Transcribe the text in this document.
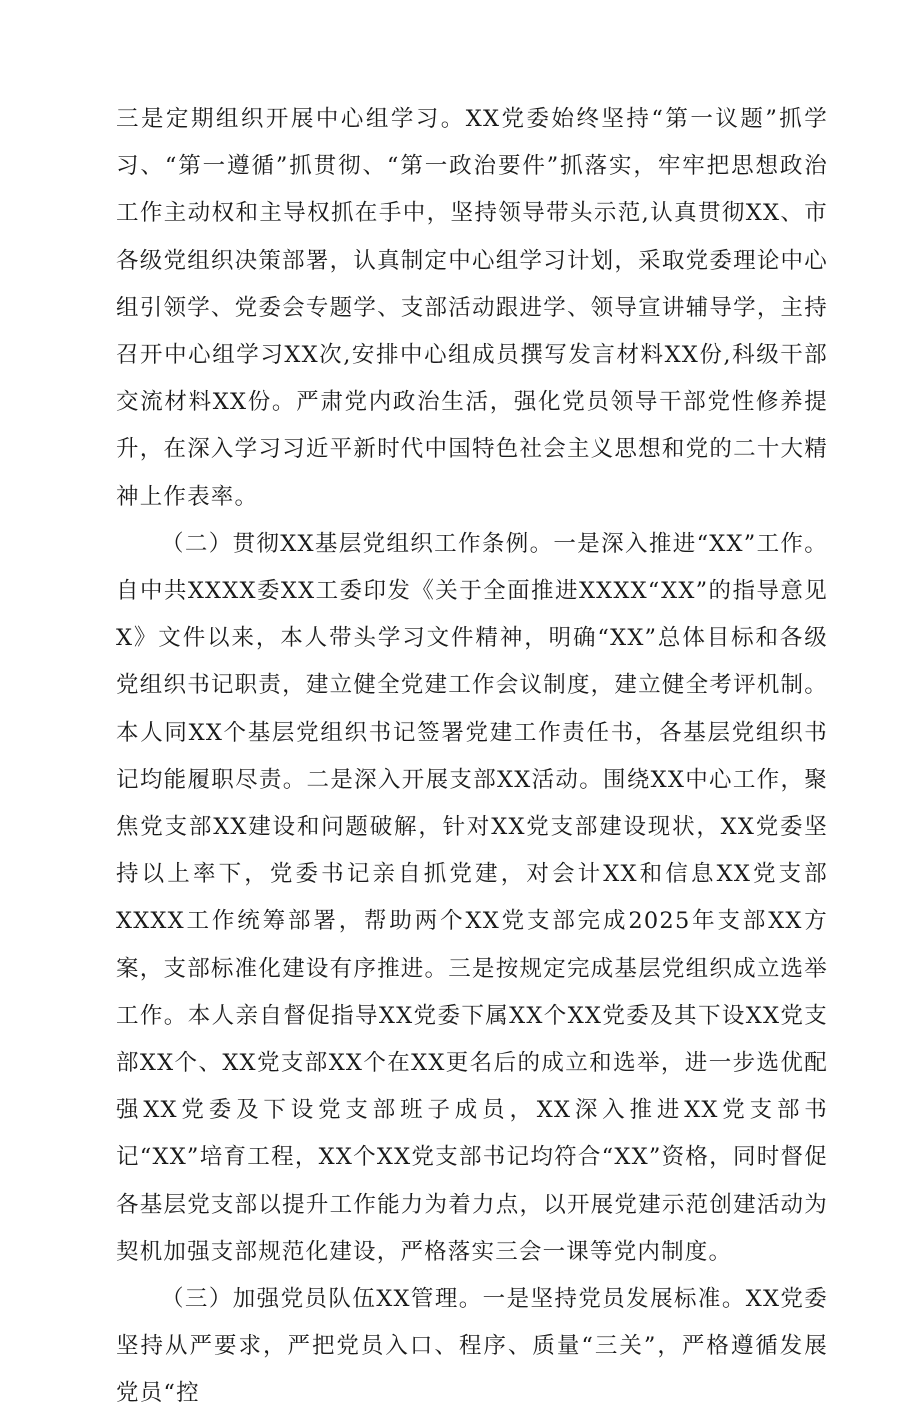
三是定期组织开展中心组学习。XX党委始终坚持“第一议题”抓学习、“第一遵循”抓贯彻、“第一政治要件”抓落实，牢牢把思想政治工作主动权和主导权抓在手中，坚持领导带头示范,认真贯彻XX、市各级党组织决策部署，认真制定中心组学习计划，采取党委理论中心组引领学、党委会专题学、支部活动跟进学、领导宣讲辅导学，主持召开中心组学习XX次,安排中心组成员撰写发言材料XX份,科级干部交流材料XX份。严肃党内政治生活，强化党员领导干部党性修养提升，在深入学习习近平新时代中国特色社会主义思想和党的二十大精神上作表率。

（二）贯彻XX基层党组织工作条例。一是深入推进“XX”工作。自中共XXXX委XX工委印发《关于全面推进XXXX“XX”的指导意见X》文件以来，本人带头学习文件精神，明确“XX”总体目标和各级党组织书记职责，建立健全党建工作会议制度，建立健全考评机制。本人同XX个基层党组织书记签署党建工作责任书，各基层党组织书记均能履职尽责。二是深入开展支部XX活动。围绕XX中心工作，聚焦党支部XX建设和问题破解，针对XX党支部建设现状，XX党委坚持以上率下，党委书记亲自抓党建，对会计XX和信息XX党支部XXXX工作统筹部署，帮助两个XX党支部完成2025年支部XX方案，支部标准化建设有序推进。三是按规定完成基层党组织成立选举工作。本人亲自督促指导XX党委下属XX个XX党委及其下设XX党支部XX个、XX党支部XX个在XX更名后的成立和选举，进一步选优配强XX党委及下设党支部班子成员，XX深入推进XX党支部书记“XX”培育工程，XX个XX党支部书记均符合“XX”资格，同时督促各基层党支部以提升工作能力为着力点，以开展党建示范创建活动为契机加强支部规范化建设，严格落实三会一课等党内制度。

（三）加强党员队伍XX管理。一是坚持党员发展标准。XX党委坚持从严要求，严把党员入口、程序、质量“三关”，严格遵循发展党员“控
